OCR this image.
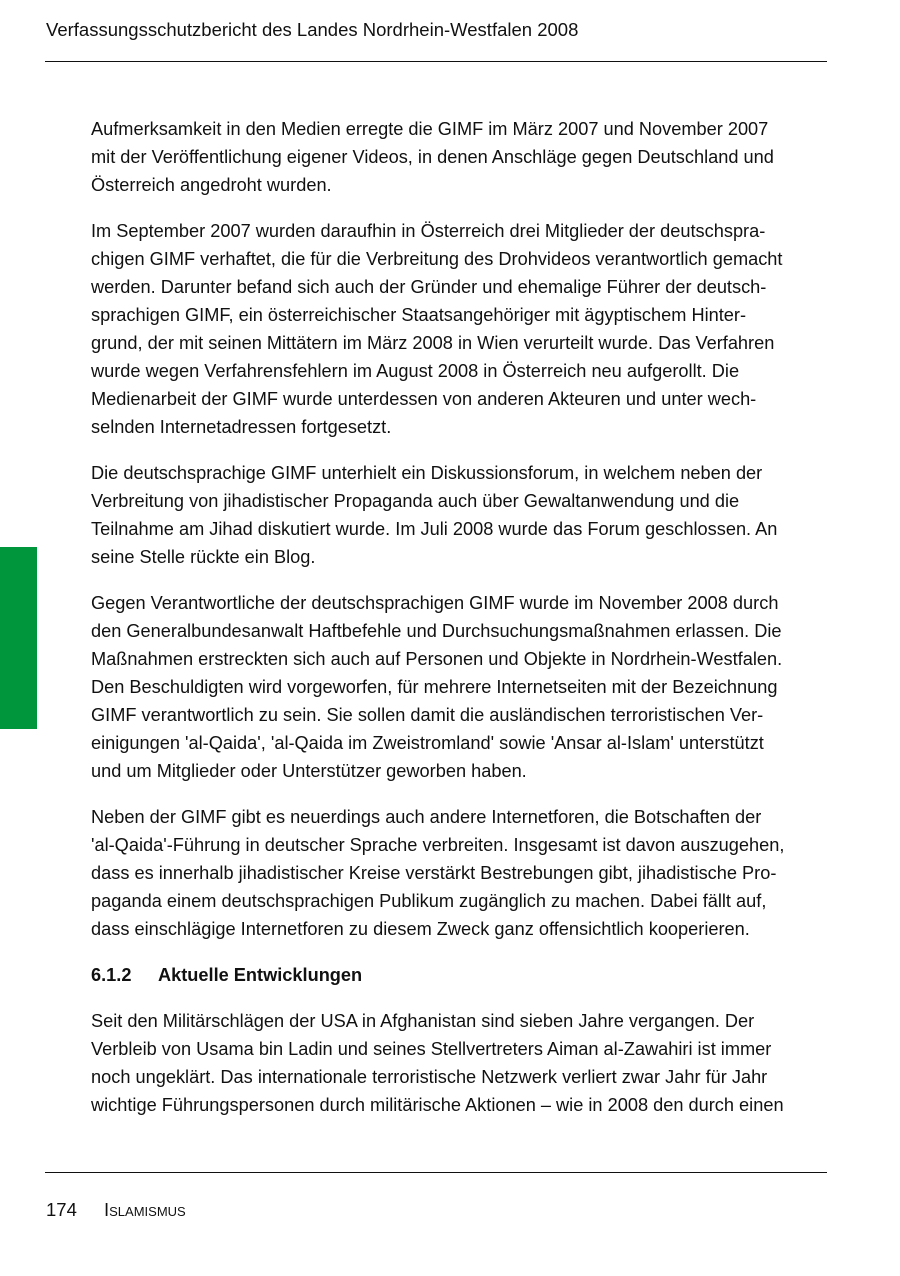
Verfassungsschutzbericht des Landes Nordrhein-Westfalen 2008

Aufmerksamkeit in den Medien erregte die GIMF im März 2007 und November 2007
mit der Veröffentlichung eigener Videos, in denen Anschläge gegen Deutschland und
Österreich angedroht wurden.

Im September 2007 wurden daraufhin in Österreich drei Mitglieder der deutschspra-
chigen GIMF verhaftet, die für die Verbreitung des Drohvideos verantwortlich gemacht
werden. Darunter befand sich auch der Gründer und ehemalige Führer der deutsch-
sprachigen GIMF, ein österreichischer Staatsangehöriger mit ägyptischem Hinter-
grund, der mit seinen Mittätern im März 2008 in Wien verurteilt wurde. Das Verfahren
wurde wegen Verfahrensfehlern im August 2008 in Österreich neu aufgerollt. Die
Medienarbeit der GIMF wurde unterdessen von anderen Akteuren und unter wech-
selnden Internetadressen fortgesetzt.

Die deutschsprachige GIMF unterhielt ein Diskussionsforum, in welchem neben der
Verbreitung von jihadistischer Propaganda auch über Gewaltanwendung und die
Teilnahme am Jihad diskutiert wurde. Im Juli 2008 wurde das Forum geschlossen. An
seine Stelle rückte ein Blog.

Gegen Verantwortliche der deutschsprachigen GIMF wurde im November 2008 durch
den Generalbundesanwalt Haftbefehle und Durchsuchungsmaßnahmen erlassen. Die
Maßnahmen erstreckten sich auch auf Personen und Objekte in Nordrhein-Westfalen.
Den Beschuldigten wird vorgeworfen, für mehrere Internetseiten mit der Bezeichnung
GIMF verantwortlich zu sein. Sie sollen damit die ausländischen terroristischen Ver-
einigungen 'al-Qaida', 'al-Qaida im Zweistromland' sowie 'Ansar al-Islam' unterstützt
und um Mitglieder oder Unterstützer geworben haben.

Neben der GIMF gibt es neuerdings auch andere Internetforen, die Botschaften der
'al-Qaida'-Führung in deutscher Sprache verbreiten. Insgesamt ist davon auszugehen,
dass es innerhalb jihadistischer Kreise verstärkt Bestrebungen gibt, jihadistische Pro-
paganda einem deutschsprachigen Publikum zugänglich zu machen. Dabei fällt auf,
dass einschlägige Internetforen zu diesem Zweck ganz offensichtlich kooperieren.

6.1.2 Aktuelle Entwicklungen

Seit den Militärschlägen der USA in Afghanistan sind sieben Jahre vergangen. Der
Verbleib von Usama bin Ladin und seines Stellvertreters Aiman al-Zawahiri ist immer
noch ungeklärt. Das internationale terroristische Netzwerk verliert zwar Jahr für Jahr
wichtige Führungspersonen durch militärische Aktionen – wie in 2008 den durch einen

174 Islamismus
